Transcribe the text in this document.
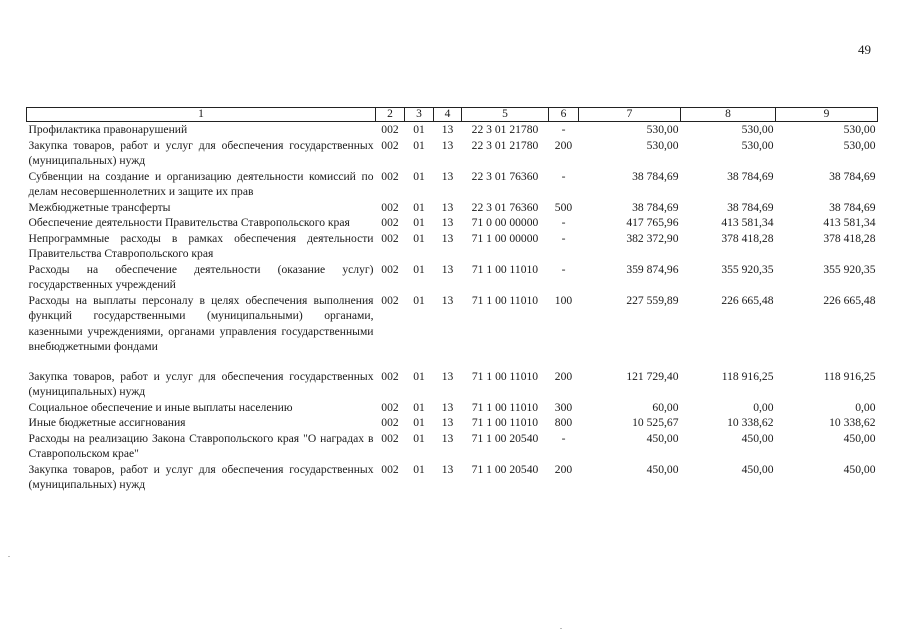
49
1	2	3	4	5	6	7	8	9
Профилактика правонарушений	002	01	13	22 3 01 21780	-	530,00	530,00	530,00
Закупка товаров, работ и услуг для обеспечения государственных (муниципальных) нужд	002	01	13	22 3 01 21780	200	530,00	530,00	530,00
Субвенции на создание и организацию деятельности комиссий по делам несовершеннолетних и защите их прав	002	01	13	22 3 01 76360	-	38 784,69	38 784,69	38 784,69
Межбюджетные трансферты	002	01	13	22 3 01 76360	500	38 784,69	38 784,69	38 784,69
Обеспечение деятельности Правительства Ставропольского края	002	01	13	71 0 00 00000	-	417 765,96	413 581,34	413 581,34
Непрограммные расходы в рамках обеспечения деятельности Правительства Ставропольского края	002	01	13	71 1 00 00000	-	382 372,90	378 418,28	378 418,28
Расходы на обеспечение деятельности (оказание услуг) государственных учреждений	002	01	13	71 1 00 11010	-	359 874,96	355 920,35	355 920,35
Расходы на выплаты персоналу в целях обеспечения выполнения функций государственными (муниципальными) органами, казенными учреждениями, органами управления государственными внебюджетными фондами	002	01	13	71 1 00 11010	100	227 559,89	226 665,48	226 665,48

Закупка товаров, работ и услуг для обеспечения государственных (муниципальных) нужд	002	01	13	71 1 00 11010	200	121 729,40	118 916,25	118 916,25
Социальное обеспечение и иные выплаты населению	002	01	13	71 1 00 11010	300	60,00	0,00	0,00
Иные бюджетные ассигнования	002	01	13	71 1 00 11010	800	10 525,67	10 338,62	10 338,62
Расходы на реализацию Закона Ставропольского края "О наградах в Ставропольском крае"	002	01	13	71 1 00 20540	-	450,00	450,00	450,00
Закупка товаров, работ и услуг для обеспечения государственных (муниципальных) нужд	002	01	13	71 1 00 20540	200	450,00	450,00	450,00
